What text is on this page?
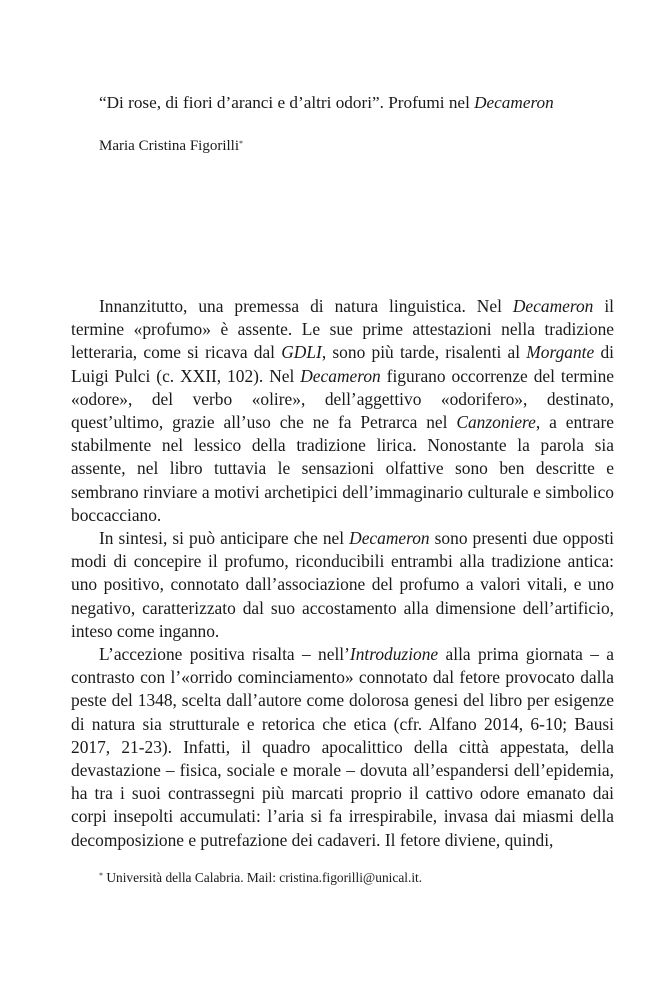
“Di rose, di fiori d’aranci e d’altri odori”. Profumi nel Decameron
Maria Cristina Figorilli*

Innanzitutto, una premessa di natura linguistica. Nel Decameron il termine «profumo» è assente. Le sue prime attestazioni nella tradizione letteraria, come si ricava dal GDLI, sono più tarde, risalenti al Morgante di Luigi Pulci (c. XXII, 102). Nel Decameron figurano occorrenze del termine «odore», del verbo «olire», dell’aggettivo «odorifero», destinato, quest’ultimo, grazie all’uso che ne fa Petrarca nel Canzoniere, a entrare stabilmente nel lessico della tradizione lirica. Nonostante la parola sia assente, nel libro tuttavia le sensazioni olfattive sono ben descritte e sembrano rinviare a motivi archetipici dell’immaginario culturale e simbolico boccacciano.

In sintesi, si può anticipare che nel Decameron sono presenti due opposti modi di concepire il profumo, riconducibili entrambi alla tradizione antica: uno positivo, connotato dall’associazione del profumo a valori vitali, e uno negativo, caratterizzato dal suo accostamento alla dimensione dell’artificio, inteso come inganno.

L’accezione positiva risalta – nell’Introduzione alla prima giornata – a contrasto con l’«orrido cominciamento» connotato dal fetore provocato dalla peste del 1348, scelta dall’autore come dolorosa genesi del libro per esigenze di natura sia strutturale e retorica che etica (cfr. Alfano 2014, 6-10; Bausi 2017, 21-23). Infatti, il quadro apocalittico della città appestata, della devastazione – fisica, sociale e morale – dovuta all’espandersi dell’epidemia, ha tra i suoi contrassegni più marcati proprio il cattivo odore emanato dai corpi insepolti accumulati: l’aria si fa irrespirabile, invasa dai miasmi della decomposizione e putrefazione dei cadaveri. Il fetore diviene, quindi,

* Università della Calabria. Mail: cristina.figorilli@unical.it.
